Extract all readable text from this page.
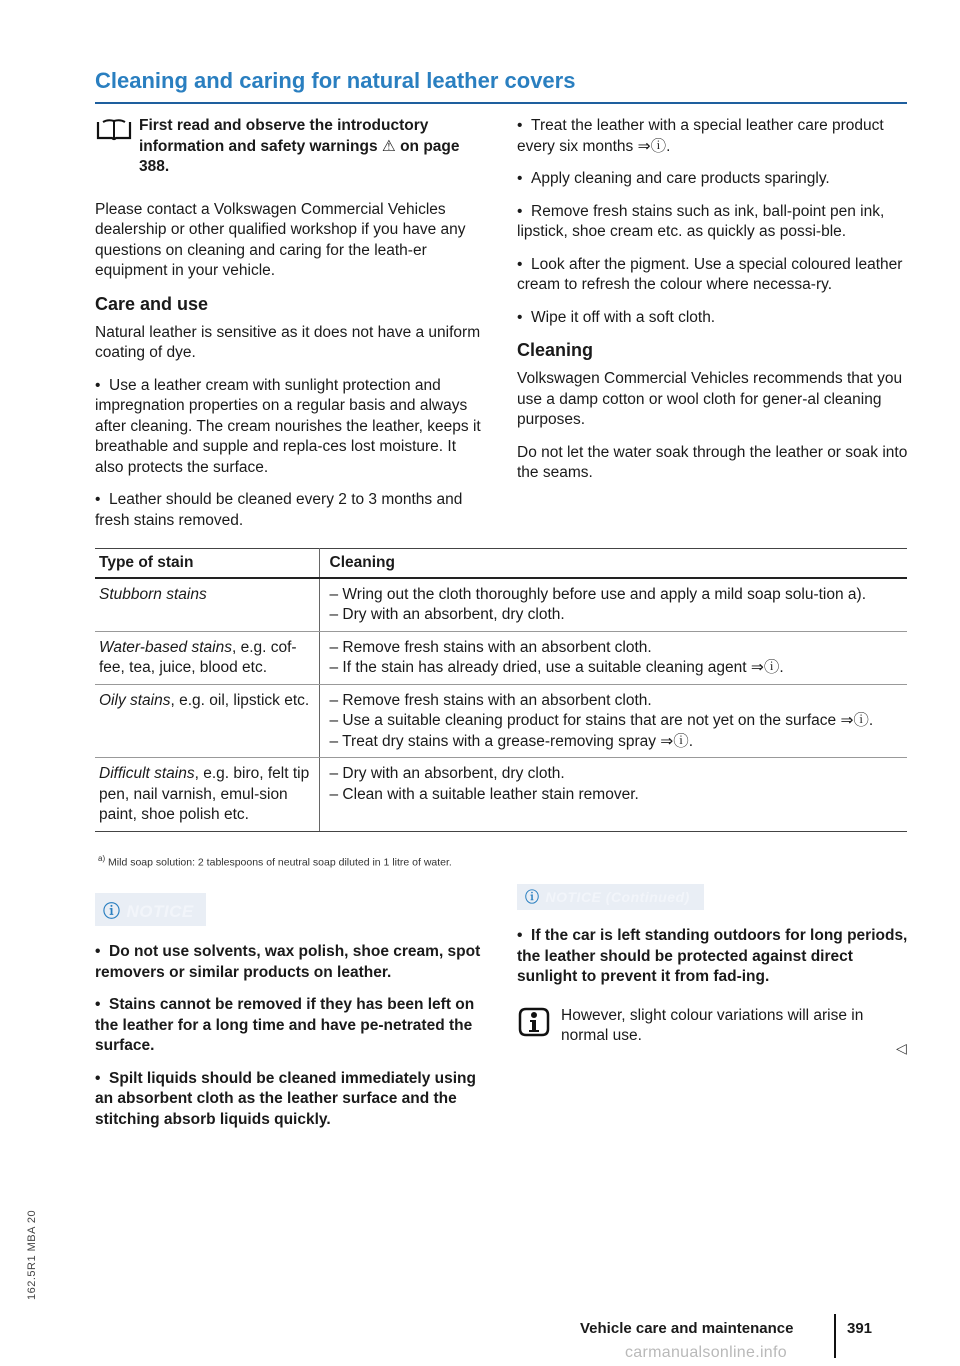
Cleaning and caring for natural leather covers
First read and observe the introductory information and safety warnings ⚠ on page 388.
Please contact a Volkswagen Commercial Vehicles dealership or other qualified workshop if you have any questions on cleaning and caring for the leath-er equipment in your vehicle.
Care and use
Natural leather is sensitive as it does not have a uniform coating of dye.
•  Use a leather cream with sunlight protection and impregnation properties on a regular basis and always after cleaning. The cream nourishes the leather, keeps it breathable and supple and repla-ces lost moisture. It also protects the surface.
•  Leather should be cleaned every 2 to 3 months and fresh stains removed.
•  Treat the leather with a special leather care product every six months ⇒ⓘ.
•  Apply cleaning and care products sparingly.
•  Remove fresh stains such as ink, ball-point pen ink, lipstick, shoe cream etc. as quickly as possi-ble.
•  Look after the pigment. Use a special coloured leather cream to refresh the colour where necessa-ry.
•  Wipe it off with a soft cloth.
Cleaning
Volkswagen Commercial Vehicles recommends that you use a damp cotton or wool cloth for gener-al cleaning purposes.
Do not let the water soak through the leather or soak into the seams.
Type of stain	Cleaning
Stubborn stains	– Wring out the cloth thoroughly before use and apply a mild soap solu-tion a).
– Dry with an absorbent, dry cloth.

Water-based stains, e.g. cof-fee, tea, juice, blood etc.	– Remove fresh stains with an absorbent cloth.
– If the stain has already dried, use a suitable cleaning agent ⇒ⓘ.

Oily stains, e.g. oil, lipstick etc.	– Remove fresh stains with an absorbent cloth.
– Use a suitable cleaning product for stains that are not yet on the surface ⇒ⓘ.
– Treat dry stains with a grease-removing spray ⇒ⓘ.

Difficult stains, e.g. biro, felt tip pen, nail varnish, emul-sion paint, shoe polish etc.	– Dry with an absorbent, dry cloth.
– Clean with a suitable leather stain remover.
$^{a)}$ Mild soap solution: 2 tablespoons of neutral soap diluted in 1 litre of water.
ⓘ NOTICE
•  Do not use solvents, wax polish, shoe cream, spot removers or similar products on leather.
•  Stains cannot be removed if they has been left on the leather for a long time and have pe-netrated the surface.
•  Spilt liquids should be cleaned immediately using an absorbent cloth as the leather surface and the stitching absorb liquids quickly.
ⓘ NOTICE (Continued)
•  If the car is left standing outdoors for long periods, the leather should be protected against direct sunlight to prevent it from fad-ing.
However, slight colour variations will arise in normal use.
◁
162.5R1 MBA 20
Vehicle care and maintenance	391
carmanualsonline.info
